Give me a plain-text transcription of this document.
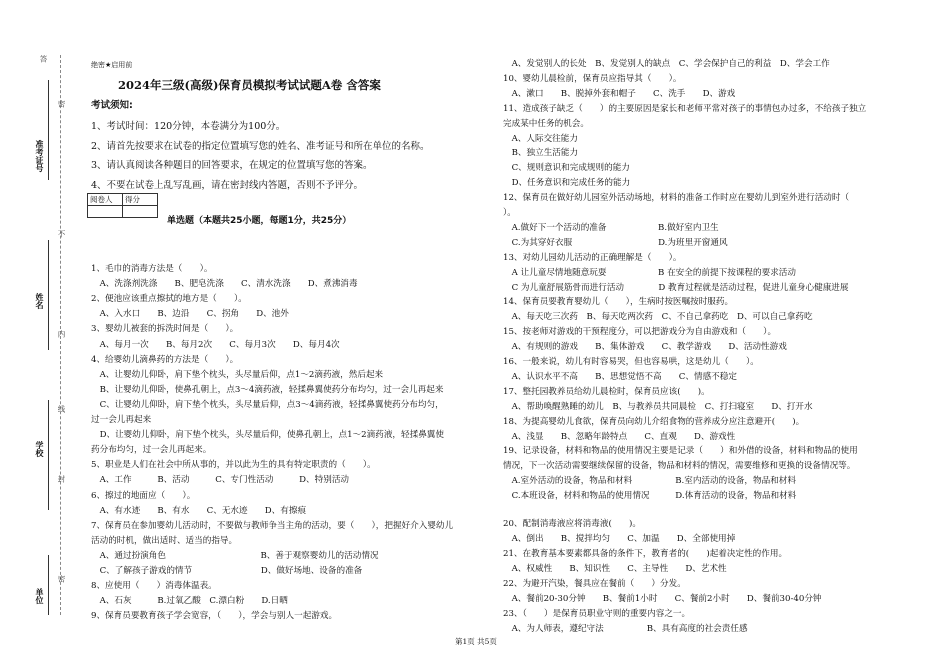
准考证号
姓名
学校
单位
答
密
不
内
线
封
密
绝密★启用前
2024年三级(高级)保育员模拟考试试题A卷 含答案
考试须知:
1、考试时间：120分钟，本卷满分为100分。
2、请首先按要求在试卷的指定位置填写您的姓名、准考证号和所在单位的名称。
3、请认真阅读各种题目的回答要求，在规定的位置填写您的答案。
4、不要在试卷上乱写乱画，请在密封线内答题，否则不予评分。
阅卷人	得分

单选题（本题共25小题，每题1分，共25分）
1、毛巾的消毒方法是（　　）。
　A、洗涤剂洗涤　　B、肥皂洗涤　　C、清水洗涤　　D、煮沸消毒
2、便池应该重点擦拭的地方是（　　）。
　A、入水口　　B、边沿　　C、拐角　　D、池外
3、婴幼儿被套的拆洗时间是（　　）。
　A、每月一次　　B、每月2次　　C、每月3次　　D、每月4次
4、给婴幼儿滴鼻药的方法是（　　）。
　A、让婴幼儿仰卧，肩下垫个枕头，头尽量后仰，点1～2滴药液，然后起来
　B、让婴幼儿仰卧，使鼻孔朝上，点3～4滴药液，轻揉鼻翼使药分布均匀，过一会儿再起来
　C、让婴幼儿仰卧，肩下垫个枕头，头尽量后仰，点3～4滴药液，轻揉鼻翼使药分布均匀，
过一会儿再起来
　D、让婴幼儿仰卧，肩下垫个枕头，头尽量后仰，使鼻孔朝上，点1～2滴药液，轻揉鼻翼使
药分布均匀，过一会儿再起来。
5、职业是人们在社会中所从事的，并以此为生的具有特定职责的（　　）。
　A、工作　　　B、活动　　　C、专门性活动　　　D、特别活动
6、擦过的地面应（　　）。
　A、有水迹　　B、有水　　C、无水迹　　D、有擦痕
7、保育员在参加婴幼儿活动时，不要做与教师争当主角的活动，要（　　），把握好介入婴幼儿
活动的时机，做出适时、适当的指导。
　A、通过扮演角色　　　　　　　　　　　B、善于观察婴幼儿的活动情况
　C、了解孩子游戏的情节　　　　　　　　D、做好场地、设备的准备
8、应使用（　　）消毒体温表。
　A、石灰　　　B.过氧乙酸　C.漂白粉　　D.日晒
9、保育员要教育孩子学会宽容，（　　），学会与别人一起游戏。
　A、发觉别人的长处　B、发觉别人的缺点　C、学会保护自己的利益　D、学会工作
10、婴幼儿晨检前，保育员应指导其（　　）。
　A、漱口　　B、脱掉外套和帽子　　C、洗手　　D、游戏
11、造成孩子缺乏（　　）的主要原因是家长和老师平常对孩子的事情包办过多，不给孩子独立
完成某中任务的机会。
　A、人际交往能力
　B、独立生活能力
　C、规则意识和完成规则的能力
　D、任务意识和完成任务的能力
12、保育员在做好幼儿园室外活动场地，材料的准备工作时应在婴幼儿到室外进行活动时（　　
）。
　A.做好下一个活动的准备　　　　　　B.做好室内卫生
　C.为其穿好衣服　　　　　　　　　　D.为班里开窗通风
13、对幼儿园幼儿活动的正确理解是（　　）。
　A 让儿童尽情地随意玩耍　　　　　　B 在安全的前提下按课程的要求活动
　C 为儿童舒展筋骨而进行活动　　　　D 教育过程就是活动过程，促进儿童身心健康进展
14、保育员要教育婴幼儿（　　），生病时按医嘱按时服药。
　A、每天吃三次药　B、每天吃两次药　C、不自己拿药吃　D、可以自己拿药吃
15、按老师对游戏的干预程度分，可以把游戏分为自由游戏和（　　）。
　A、有规则的游戏　　B、集体游戏　　C、教学游戏　　D、活动性游戏
16、一般来说，幼儿有时容易哭，但也容易哄，这是幼儿（　　）。
　A、认识水平不高　　B、思想觉悟不高　　C、情感不稳定
17、整托园教养员给幼儿晨检时，保育员应该(　　)。
　A、帮助唤醒熟睡的幼儿　B、与教养员共同晨检　C、打扫寝室　　D、打开水
18、为提高婴幼儿食欲，保育员向幼儿介绍食物的营养成分应注意避开(　　)。
　A、浅显　　B、忽略年龄特点　　C、直观　　D、游戏性
19、记录设备，材料和物品的使用情况主要是记录（　　）和外借的设备，材料和物品的使用
情况，下一次活动需要继续保留的设备，物品和材料的情况，需要维修和更换的设备情况等。
　A.室外活动的设备，物品和材料　　　　　B.室内活动的设备，物品和材料
　C.本班设备，材料和物品的使用情况　　　D.体育活动的设备，物品和材料
20、配制消毒液应将消毒液(　　)。
　A、倒出　　B、搅拌均匀　　C、加温　　D、全部使用掉
21、在教育基本要素都具备的条件下，教育者的(　　)起着决定性的作用。
　A、权威性　　B、知识性　　C、主导性　　D、艺术性
22、为避开汽染，餐具应在餐前（　　）分发。
　A、餐前20-30分钟　　B、餐前1小时　　C、餐前2小时　　D、餐前30-40分钟
23、（　　）是保育员职业守则的重要内容之一。
　A、为人师表，遵纪守法　　　　　B、具有高度的社会责任感
第1页 共5页
